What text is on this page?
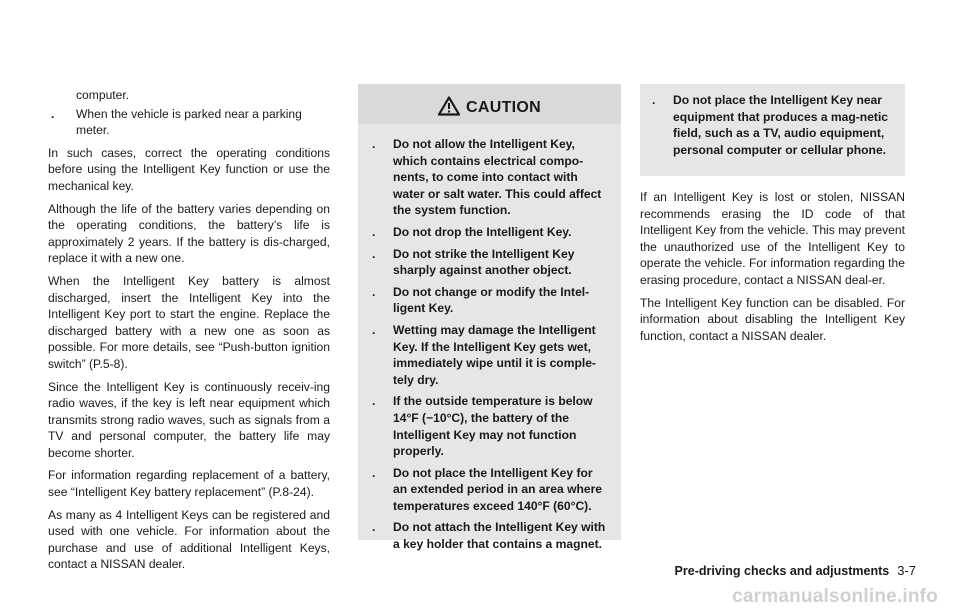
computer.
. When the vehicle is parked near a parking meter.

In such cases, correct the operating conditions before using the Intelligent Key function or use the mechanical key.

Although the life of the battery varies depending on the operating conditions, the battery’s life is approximately 2 years. If the battery is dis-charged, replace it with a new one.

When the Intelligent Key battery is almost discharged, insert the Intelligent Key into the Intelligent Key port to start the engine. Replace the discharged battery with a new one as soon as possible. For more details, see “Push-button ignition switch” (P.5-8).

Since the Intelligent Key is continuously receiv-ing radio waves, if the key is left near equipment which transmits strong radio waves, such as signals from a TV and personal computer, the battery life may become shorter.

For information regarding replacement of a battery, see “Intelligent Key battery replacement” (P.8-24).

As many as 4 Intelligent Keys can be registered and used with one vehicle. For information about the purchase and use of additional Intelligent Keys, contact a NISSAN dealer.

CAUTION
. Do not allow the Intelligent Key, which contains electrical compo-nents, to come into contact with water or salt water. This could affect the system function.
. Do not drop the Intelligent Key.
. Do not strike the Intelligent Key sharply against another object.
. Do not change or modify the Intel-ligent Key.
. Wetting may damage the Intelligent Key. If the Intelligent Key gets wet, immediately wipe until it is comple-tely dry.
. If the outside temperature is below 14°F (−10°C), the battery of the Intelligent Key may not function properly.
. Do not place the Intelligent Key for an extended period in an area where temperatures exceed 140°F (60°C).
. Do not attach the Intelligent Key with a key holder that contains a magnet.
. Do not place the Intelligent Key near equipment that produces a mag-netic field, such as a TV, audio equipment, personal computer or cellular phone.

If an Intelligent Key is lost or stolen, NISSAN recommends erasing the ID code of that Intelligent Key from the vehicle. This may prevent the unauthorized use of the Intelligent Key to operate the vehicle. For information regarding the erasing procedure, contact a NISSAN deal-er.

The Intelligent Key function can be disabled. For information about disabling the Intelligent Key function, contact a NISSAN dealer.

Pre-driving checks and adjustments 3-7
carmanualsonline.info
